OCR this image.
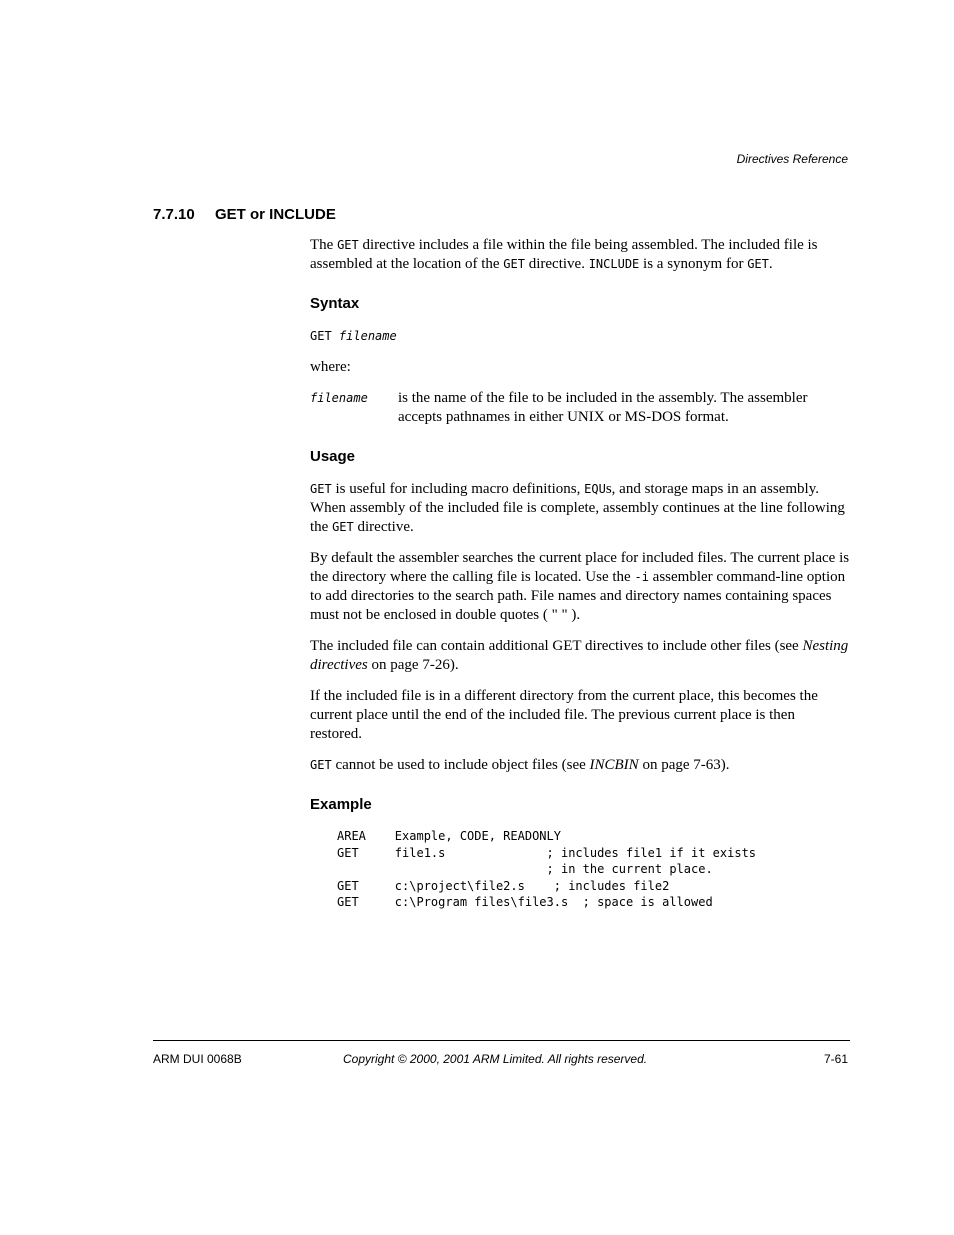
Directives Reference
7.7.10 GET or INCLUDE

The GET directive includes a file within the file being assembled. The included file is assembled at the location of the GET directive. INCLUDE is a synonym for GET.

Syntax
GET filename

where:

filename	is the name of the file to be included in the assembly. The assembler accepts pathnames in either UNIX or MS-DOS format.
Usage

GET is useful for including macro definitions, EQUs, and storage maps in an assembly. When assembly of the included file is complete, assembly continues at the line following the GET directive.

By default the assembler searches the current place for included files. The current place is the directory where the calling file is located. Use the -i assembler command-line option to add directories to the search path. File names and directory names containing spaces must not be enclosed in double quotes ( " " ).

The included file can contain additional GET directives to include other files (see Nesting directives on page 7-26).

If the included file is in a different directory from the current place, this becomes the current place until the end of the included file. The previous current place is then restored.

GET cannot be used to include object files (see INCBIN on page 7-63).

Example
AREA    Example, CODE, READONLY
GET     file1.s              ; includes file1 if it exists
; in the current place.
GET     c:\project\file2.s    ; includes file2
GET     c:\Program files\file3.s  ; space is allowed
ARM DUI 0068B	Copyright © 2000, 2001 ARM Limited. All rights reserved.	7-61
